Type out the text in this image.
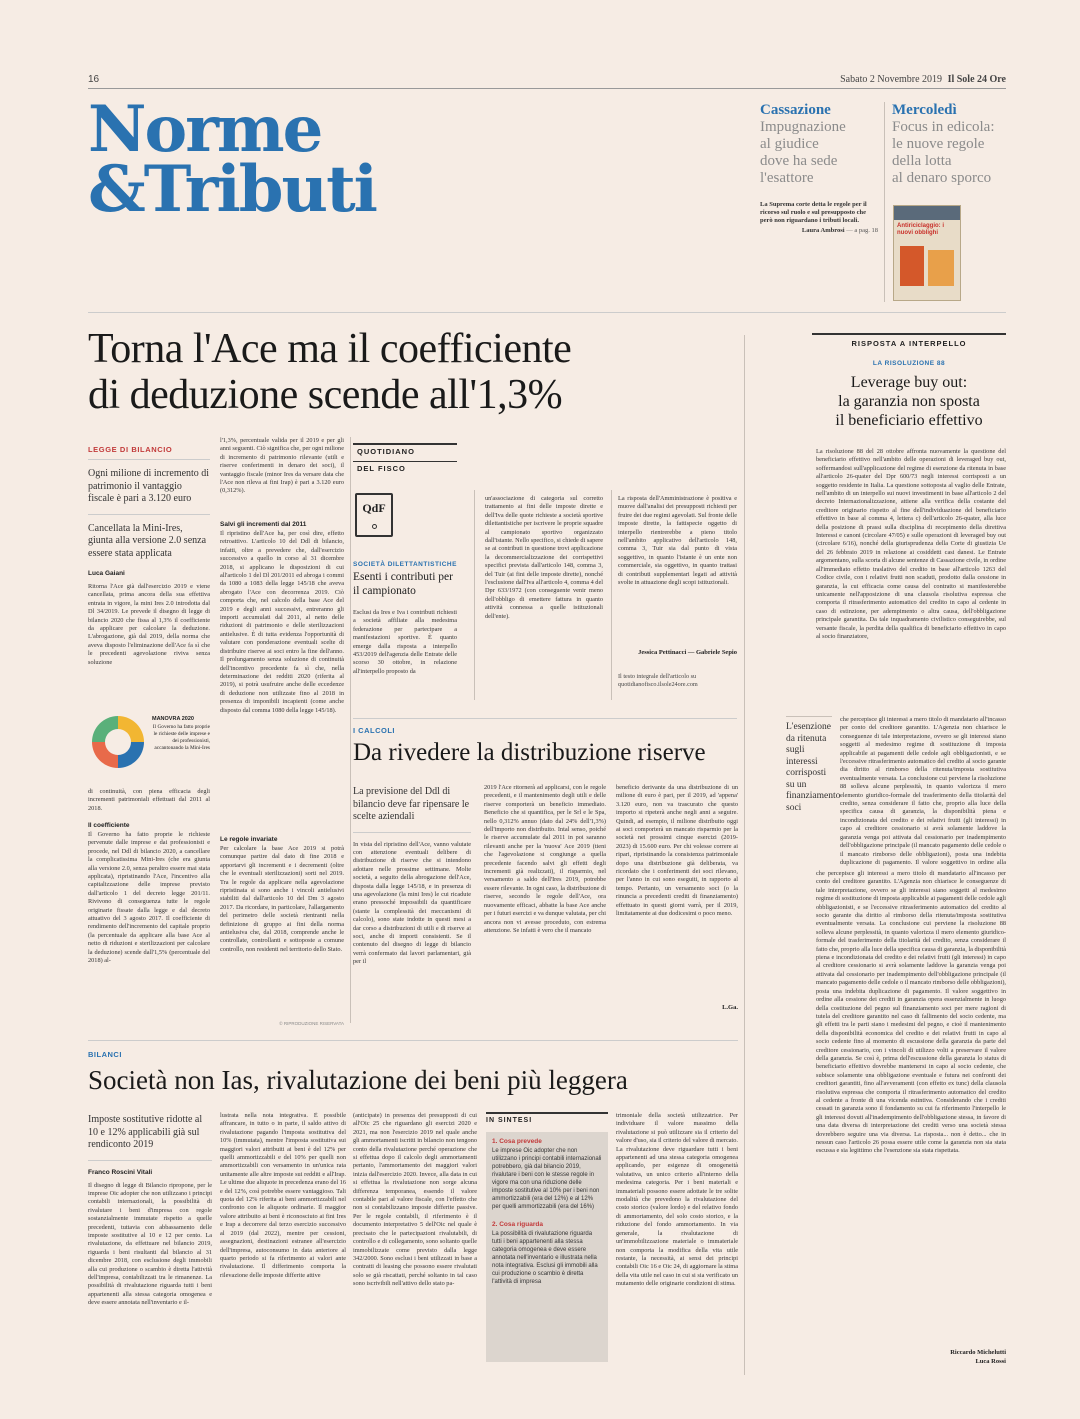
16	Sabato 2 Novembre 2019 Il Sole 24 Ore
Norme
&Tributi
Cassazione
Impugnazione
al giudice
dove ha sede
l'esattore
La Suprema corte detta le regole per il ricorso sul ruolo e sul presupposto che però non riguardano i tributi locali.
Laura Ambrosi — a pag. 18
Mercoledì
Focus in edicola:
le nuove regole
della lotta
al denaro sporco
Antiriciclaggio: i nuovi obblighi
Torna l'Ace ma il coefficiente
di deduzione scende all'1,3%
LEGGE DI BILANCIO
Ogni milione di incremento di patrimonio il vantaggio fiscale è pari a 3.120 euro
Cancellata la Mini-Ires, giunta alla versione 2.0 senza essere stata applicata
Luca Gaiani
Ritorna l'Ace già dall'esercizio 2019 e viene cancellata, prima ancora della sua effettiva entrata in vigore, la mini Ires 2.0 introdotta dal Dl 34/2019. Le prevede il disegno di legge di bilancio 2020 che fissa al 1,3% il coefficiente da applicare per calcolare la deduzione. L'abrogazione, già dal 2019, della norma che aveva disposto l'eliminazione dell'Ace fa sì che le precedenti agevolazione riviva senza soluzione
MANOVRA 2020
Il Governo ha fatto proprie le richieste delle imprese e dei professionisti, accantonando la Mini-Ires
di continuità, con piena efficacia degli incrementi patrimoniali effettuati dal 2011 al 2018.
Il coefficiente
Il Governo ha fatto proprie le richieste pervenute dalle imprese e dai professionisti e procede, nel Ddl di bilancio 2020, a cancellare la complicatissima Mini-Ires (che era giunta alla versione 2.0, senza peraltro essere mai stata applicata), ripristinando l'Ace, l'incentivo alla capitalizzazione delle imprese previsto dall'articolo 1 del decreto legge 201/11. Rivivono di conseguenza tutte le regole originarie fissate dalla legge e dal decreto attuativo del 3 agosto 2017. Il coefficiente di rendimento dell'incremento del capitale proprio (la percentuale da applicare alla base Ace al netto di riduzioni e sterilizzazioni per calcolare la deduzione) scende dall'1,5% (percentuale del 2018) al-
l'1,3%, percentuale valida per il 2019 e per gli anni seguenti. Ciò significa che, per ogni milione di incremento di patrimonio rilevante (utili e riserve conferimenti in denaro dei soci), il vantaggio fiscale (minor Ires da versare data che l'Ace non rileva ai fini Irap) è pari a 3.120 euro (0,312%).
Salvi gli incrementi dal 2011
Il ripristino dell'Ace ha, per così dire, effetto retroattivo. L'articolo 10 del Ddl di bilancio, infatti, oltre a prevedere che, dall'esercizio successivo a quello in corso al 31 dicembre 2018, si applicano le disposizioni di cui all'articolo 1 del Dl 201/2011 ed abroga i commi da 1080 a 1083 della legge 145/18 che aveva abrogato l'Ace con decorrenza 2019. Ciò comporta che, nel calcolo della base Ace del 2019 e degli anni successivi, entreranno gli importi accumulati dal 2011, al netto delle riduzioni di patrimonio e delle sterilizzazioni antielusive. È di tutta evidenza l'opportunità di valutare con ponderazione eventuali scelte di distribuire riserve ai soci entro la fine dell'anno. Il prolungamento senza soluzione di continuità dell'incentivo precedente fa sì che, nella determinazione dei redditi 2020 (riferita al 2019), si potrà usufruire anche delle eccedenze di deduzione non utilizzate fino al 2018 in presenza di imponibili incapienti (come anche disposto dal comma 1080 della legge 145/18).
Le regole invariate
Per calcolare la base Ace 2019 si potrà comunque partire dal dato di fine 2018 e apportarvi gli incrementi e i decrementi (oltre che le eventuali sterilizzazioni) sorti nel 2019. Tra le regole da applicare nella agevolazione ripristinata si sono anche i vincoli antielusivi stabiliti dal dall'articolo 10 del Dm 3 agosto 2017. Da ricordare, in particolare, l'allargamento del perimetro delle società rientranti nella definizione di gruppo ai fini della norma antielusiva che, dal 2018, comprende anche le controllate, controllanti e sottoposte a comune controllo, non residenti nel territorio dello Stato.
© RIPRODUZIONE RISERVATA
QUOTIDIANO
DEL FISCO
QdF
SOCIETÀ DILETTANTISTICHE
Esenti i contributi per il campionato
Esclusi da Ires e Iva i contributi richiesti a società affiliate alla medesima federazione per partecipare a manifestazioni sportive. È quanto emerge dalla risposta a interpello 453/2019 dell'agenzia delle Entrate delle scorso 30 ottobre, in relazione all'interpello proposto da
un'associazione di categoria sul corretto trattamento ai fini delle imposte dirette e dell'Iva delle quote richieste a società sportive dilettantistiche per iscrivere le proprie squadre al campionato sportivo organizzato dall'istante. Nello specifico, si chiede di sapere se ai contributi in questione trovi applicazione la decommercializzazione dei corrispettivi specifici prevista dall'articolo 148, comma 3, del Tuir (ai fini delle imposte dirette), nonché l'esclusione dall'Iva all'articolo 4, comma 4 del Dpr 633/1972 (con conseguente venir meno dell'obbligo di emettere fattura in quanto attività connessa a quelle istituzionali dell'ente).
La risposta dell'Amministrazione è positiva e muove dall'analisi dei presupposti richiesti per fruire dei due regimi agevolati. Sul fronte delle imposte dirette, la fattispecie oggetto di interpello rientrerebbe a pieno titolo nell'ambito applicativo dell'articolo 148, comma 3, Tuir sia dal punto di vista soggettivo, in quanto l'istante è un ente non commerciale, sia oggettivo, in quanto trattasi di contributi supplementari legati ad attività svolte in attuazione degli scopi istituzionali.
Jessica Pettinacci — Gabriele Sepio
Il testo integrale dell'articolo su quotidianofisco.ilsole24ore.com
I CALCOLI
Da rivedere la distribuzione riserve
La previsione del Ddl di bilancio deve far ripensare le scelte aziendali
In vista del ripristino dell'Ace, vanno valutate con attenzione eventuali delibere di distribuzione di riserve che si intendono adottare nelle prossime settimane. Molte società, a seguito della abrogazione dell'Ace, disposta dalla legge 145/18, e in presenza di una agevolazione (la mini Ires) le cui ricadute erano pressoché impossibili da quantificare (stante la complessità dei meccanismi di calcolo), sono state indotte in questi mesi a dar corso a distribuzioni di utili e di riserve ai soci, anche di importi consistenti. Se il contenuto del disegno di legge di bilancio verrà confermato dai lavori parlamentari, già per il
2019 l'Ace ritornerà ad applicarsi, con le regole precedenti, e il mantenimento degli utili e delle riserve comporterà un beneficio immediato. Beneficio che si quantifica, per le Srl e le Spa, nello 0,312% annuo (dato dal 24% dell'1,3%) dell'importo non distribuito. Intal senso, poiché le riserve accumulate dal 2011 in poi saranno rilevanti anche per la 'nuova' Ace 2019 (tieni che l'agevolazione si congiunge a quella precedente facendo salvi gli effetti degli incrementi già realizzati), il risparmio, nel versamento a saldo dell'Ires 2019, potrebbe essere rilevante. In ogni caso, la distribuzione di riserve, secondo le regole dell'Ace, ora nuovamente efficaci, abbatte la base Ace anche per i futuri esercizi e va dunque valutata, per chi ancora non vi avesse proceduto, con estrema attenzione. Se infatti è vero che il mancato
beneficio derivante da una distribuzione di un milione di euro è pari, per il 2019, ad 'appena' 3.120 euro, non va trascurato che questo importo si ripeterà anche negli anni a seguire. Quindi, ad esempio, il milione distribuito oggi ai soci comporterà un mancato risparmio per la società nei prossimi cinque esercizi (2019-2023) di 15.600 euro. Per chi volesse correre ai ripari, ripristinando la consistenza patrimoniale dopo una distribuzione già deliberata, va ricordato che i conferimenti dei soci rilevano, per l'anno in cui sono eseguiti, in rapporto al tempo. Pertanto, un versamento soci (o la rinuncia a precedenti crediti di finanziamento) effettuato in questi giorni varrà, per il 2019, limitatamente ai due dodicesimi o poco meno.
L.Ga.
BILANCI
Società non Ias, rivalutazione dei beni più leggera
Imposte sostitutive ridotte al 10 e 12% applicabili già sul rendiconto 2019
Franco Roscini Vitali
Il disegno di legge di Bilancio ripropone, per le imprese Oic adopter che non utilizzano i principi contabili internazionali, la possibilità di rivalutare i beni d'impresa con regole sostanzialmente immutate rispetto a quelle precedenti, tuttavia con abbassamento delle imposte sostitutive al 10 e 12 per cento. La rivalutazione, da effettuare nel bilancio 2019, riguarda i beni risultanti dal bilancio al 31 dicembre 2018, con esclusione degli immobili alla cui produzione o scambio è diretta l'attività dell'impresa, contabilizzati tra le rimanenze. La possibilità di rivalutazione riguarda tutti i beni appartenenti alla stessa categoria omogenea e deve essere annotata nell'inventario e il-
lustrata nella nota integrativa. È possibile affrancare, in tutto o in parte, il saldo attivo di rivalutazione pagando l'imposta sostitutiva del 10% (immutata), mentre l'imposta sostitutiva sui maggiori valori attribuiti ai beni è del 12% per quelli ammortizzabili e del 10% per quelli non ammortizzabili con versamento in un'unica rata unitamente alle altre imposte sui redditi e all'Irap. Le ultime due aliquote in precedenza erano del 16 e del 12%, così potrebbe essere vantaggioso. Tali quota del 12% riferita ai beni ammortizzabili nel confronto con le aliquote ordinarie. Il maggior valore attribuito ai beni è riconosciuto ai fini Ires e Irap a decorrere dal terzo esercizio successivo al 2019 (dal 2022), mentre per cessioni, assegnazioni, destinazioni estranee all'esercizio dell'impresa, autoconsumo in data anteriore al quarto periodo si fa riferimento ai valori ante rivalutazione. Il differimento comporta la rilevazione delle imposte differite attive
(anticipate) in presenza dei presupposti di cui all'Oic 25 che riguardano gli esercizi 2020 e 2021, ma non l'esercizio 2019 nel quale anche gli ammortamenti iscritti in bilancio non tengono conto della rivalutazione perché operazione che si effettua dopo il calcolo degli ammortamenti pertanto, l'ammortamento dei maggiori valori inizia dall'esercizio 2020. Invece, alla data in cui si effettua la rivalutazione non sorge alcuna differenza temporanea, essendo il valore contabile pari al valore fiscale, con l'effetto che non si contabilizzano imposte differite passive. Per le regole contabili, il riferimento è il documento interpretativo 5 dell'Oic nel quale è precisato che le partecipazioni rivalutabili, di controllo e di collegamento, sono soltanto quelle immobilizzate come previsto dalla legge 342/2000. Sono esclusi i beni utilizzati in base a contratti di leasing che possono essere rivalutati solo se già riscattati, perché soltanto in tal caso sono iscrivibili nell'attivo dello stato pa-
IN SINTESI
1. Cosa prevede
Le imprese Oic adopter che non utilizzano i principi contabili internazionali potrebbero, già dal bilancio 2019, rivalutare i beni con le stesse regole in vigore ma con una riduzione delle imposte sostitutive al 10% per i beni non ammortizzabili (era del 12%) e al 12% per quelli ammortizzabili (era del 16%)
2. Cosa riguarda
La possibilità di rivalutazione riguarda tutti i beni appartenenti alla stessa categoria omogenea e deve essere annotata nell'inventario e illustrata nella nota integrativa. Esclusi gli immobili alla cui produzione o scambio è diretta l'attività di impresa
trimoniale della società utilizzatrice. Per individuare il valore massimo della rivalutazione si può utilizzare sia il criterio del valore d'uso, sia il criterio del valore di mercato. La rivalutazione deve riguardare tutti i beni appartenenti ad una stessa categoria omogenea applicando, per esigenze di omogeneità valutativa, un unico criterio all'interno della medesima categoria. Per i beni materiali e immateriali possono essere adottate le tre solite modalità che prevedono la rivalutazione del costo storico (valore lordo) e del relativo fondo di ammortamento, del solo costo storico, e la riduzione del fondo ammortamento. In via generale, la rivalutazione di un'immobilizzazione materiale o immateriale non comporta la modifica della vita utile restante, la necessità, ai sensi dei principi contabili Oic 16 e Oic 24, di aggiornare la stima della vita utile nel caso in cui si sia verificato un mutamento delle originarie condizioni di stima.
RISPOSTA A INTERPELLO
LA RISOLUZIONE 88
Leverage buy out:
la garanzia non sposta
il beneficiario effettivo
La risoluzione 88 del 28 ottobre affronta nuovamente la questione del beneficiario effettivo nell'ambito delle operazioni di leveraged buy out, soffermandosi sull'applicazione del regime di esenzione da ritenuta in base all'articolo 26-quater del Dpr 600/73 negli interessi corrisposti a un soggetto residente in Italia. La questione sottoposta al vaglio delle Entrate, nell'ambito di un interpello sui nuovi investimenti in base all'articolo 2 del decreto Internazionalizzazione, attiene alla verifica della costante del creditore originario rispetto al fine dell'individuazione del beneficiario effettivo in base al comma 4, lettera c) dell'articolo 26-quater, alla luce della posizione di prassi sulla disciplina di recepimento della direttiva Interessi e canoni (circolare 47/05) e sulle operazioni di leveraged buy out (circolare 6/16), nonché della giurisprudenza della Corte di giustizia Ue del 26 febbraio 2019 in relazione ai cosiddetti casi danesi. Le Entrate argomentano, sulla scorta di alcune sentenze di Cassazione civile, in ordine all'immediato effetto traslativo del credito in base all'articolo 1263 del Codice civile, con i relativi frutti non scaduti, prodotto dalla cessione in garanzia, la cui efficacia come causa del contratto si manifesterebbe unicamente nell'apposizione di una clausola risolutiva espressa che comporta il ritrasferimento automatico del credito in capo al cedente in caso di estinzione, per adempimento o altra causa, dell'obbligazione principale garantita. Da tale inquadramento civilistico conseguirebbe, sul versante fiscale, la perdita della qualifica di beneficiario effettivo in capo al socio finanziatore,
L'esenzione da ritenuta sugli interessi corrisposti su un finanziamento soci
che percepisce gli interessi a mero titolo di mandatario all'incasso per conto del creditore garantito. L'Agenzia non chiarisce le conseguenze di tale interpretazione, ovvero se gli interessi siano soggetti al medesimo regime di sostituzione di imposta applicabile ai pagamenti delle cedole agli obbligazionisti, e se l'eccessive ritrasferimento automatico del credito al socio garante dia diritto al rimborso della ritenuta/imposta sostitutiva eventualmente versata. La conclusione cui perviene la risoluzione 88 solleva alcune perplessità, in quanto valorizza il mero elemento giuridico-formale del trasferimento della titolarità del credito, senza considerare il fatto che, proprio alla luce della specifica causa di garanzia, la disponibilità piena e incondizionata del credito e dei relativi frutti (gli interessi) in capo al creditore cessionario si avrà solamente laddove la garanzia venga poi attivata dal cessionario per inadempimento dell'obbligazione principale (il mancato pagamento delle cedole o il mancato rimborso delle obbligazioni), posta una indebita duplicazione di pagamento. Il valore soggettivo in ordine alla
che percepisce gli interessi a mero titolo di mandatario all'incasso per conto del creditore garantito. L'Agenzia non chiarisce le conseguenze di tale interpretazione, ovvero se gli interessi siano soggetti al medesimo regime di sostituzione di imposta applicabile ai pagamenti delle cedole agli obbligazionisti, e se l'eccessive ritrasferimento automatico del credito al socio garante dia diritto al rimborso della ritenuta/imposta sostitutiva eventualmente versata. La conclusione cui perviene la risoluzione 88 solleva alcune perplessità, in quanto valorizza il mero elemento giuridico-formale del trasferimento della titolarità del credito, senza considerare il fatto che, proprio alla luce della specifica causa di garanzia, la disponibilità piena e incondizionata del credito e dei relativi frutti (gli interessi) in capo al creditore cessionario si avrà solamente laddove la garanzia venga poi attivata dal cessionario per inadempimento dell'obbligazione principale (il mancato pagamento delle cedole o il mancato rimborso delle obbligazioni), posta una indebita duplicazione di pagamento. Il valore soggettivo in ordine alla cessione dei crediti in garanzia opera essenzialmente in luogo della costituzione del pegno sul finanziamento soci per mere ragioni di tutela del creditore garantito nel caso di fallimento del socio cedente, ma gli effetti tra le parti siano i medesimi del pegno, e cioè il mantenimento della disponibilità economica del credito e dei relativi frutti in capo al socio cedente fino al momento di escussione della garanzia da parte del creditore cessionario, con i vincoli di utilizzo volti a preservare il valore della garanzia. Se così è, prima dell'escussione della garanzia lo status di beneficiario effettivo dovrebbe mantenersi in capo al socio cedente, che subisce solamente una obbligazione eventuale e futura nei confronti dei creditori garantiti, fino all'avveramenti (con effetto ex tunc) della clausola risolutiva espressa che comporta il ritrasferimento automatico del credito al cedente a fronte di una vicenda estintiva. Considerando che i crediti cessati in garanzia sono il fondamento su cui fa riferimento l'interpello le gli interessi dovuti all'inadempimento dell'obbligazione stessa, in favore di una data diversa di interpretazione dei crediti verso una società stessa dovrebbero seguire una via diversa. La risposta... non è detto... che in nessun caso l'articolo 26 possa essere utile come la garanzia non sia stata escussa e sia legittimo che l'esenzione sia stata rispettata.
Riccardo Michelutti
Luca Rossi
